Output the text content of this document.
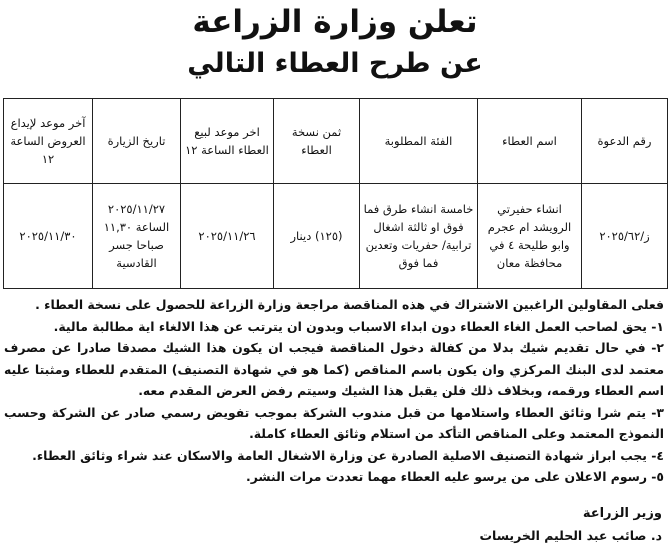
تعلن وزارة الزراعة
عن طرح العطاء التالي
رقم الدعوة	اسم العطاء	الفئة المطلوبة	ثمن نسخة العطاء	اخر موعد لبيع العطاء الساعة ١٢	تاريخ الزيارة	آخر موعد لإيداع العروض الساعة ١٢
ز/٢٠٢٥/٦٢	انشاء حفيرتي الرويشد ام عجرم وابو طليحة ٤ في محافظة معان	خامسة انشاء طرق فما فوق او ثالثة اشغال ترابية/ حفريات وتعدين فما فوق	(١٢٥) دينار	٢٠٢٥/١١/٢٦	٢٠٢٥/١١/٢٧ الساعة ١١,٣٠ صباحا جسر القادسية	٢٠٢٥/١١/٣٠

فعلى المقاولين الراغبين الاشتراك في هذه المناقصة مراجعة وزارة الزراعة للحصول على نسخة العطاء .

١- يحق لصاحب العمل الغاء العطاء دون ابداء الاسباب وبدون ان يترتب عن هذا الالغاء اية مطالبة مالية.

٢- في حال تقديم شيك بدلا من كفالة دخول المناقصة فيجب ان يكون هذا الشيك مصدقا صادرا عن مصرف معتمد لدى البنك المركزي وان يكون باسم المناقص (كما هو في شهادة التصنيف) المتقدم للعطاء ومثبتا عليه اسم العطاء ورقمه، وبخلاف ذلك فلن يقبل هذا الشيك وسيتم رفض العرض المقدم معه.

٣- يتم شرا وثائق العطاء واستلامها من قبل مندوب الشركة بموجب تفويض رسمي صادر عن الشركة وحسب النموذج المعتمد وعلى المناقص التأكد من استلام وثائق العطاء كاملة.

٤- يجب ابراز شهادة التصنيف الاصلية الصادرة عن وزارة الاشغال العامة والاسكان عند شراء وثائق العطاء.

٥- رسوم الاعلان على من يرسو عليه العطاء مهما تعددت مرات النشر.

وزير الزراعة
د. صائب عبد الحليم الخريسات
